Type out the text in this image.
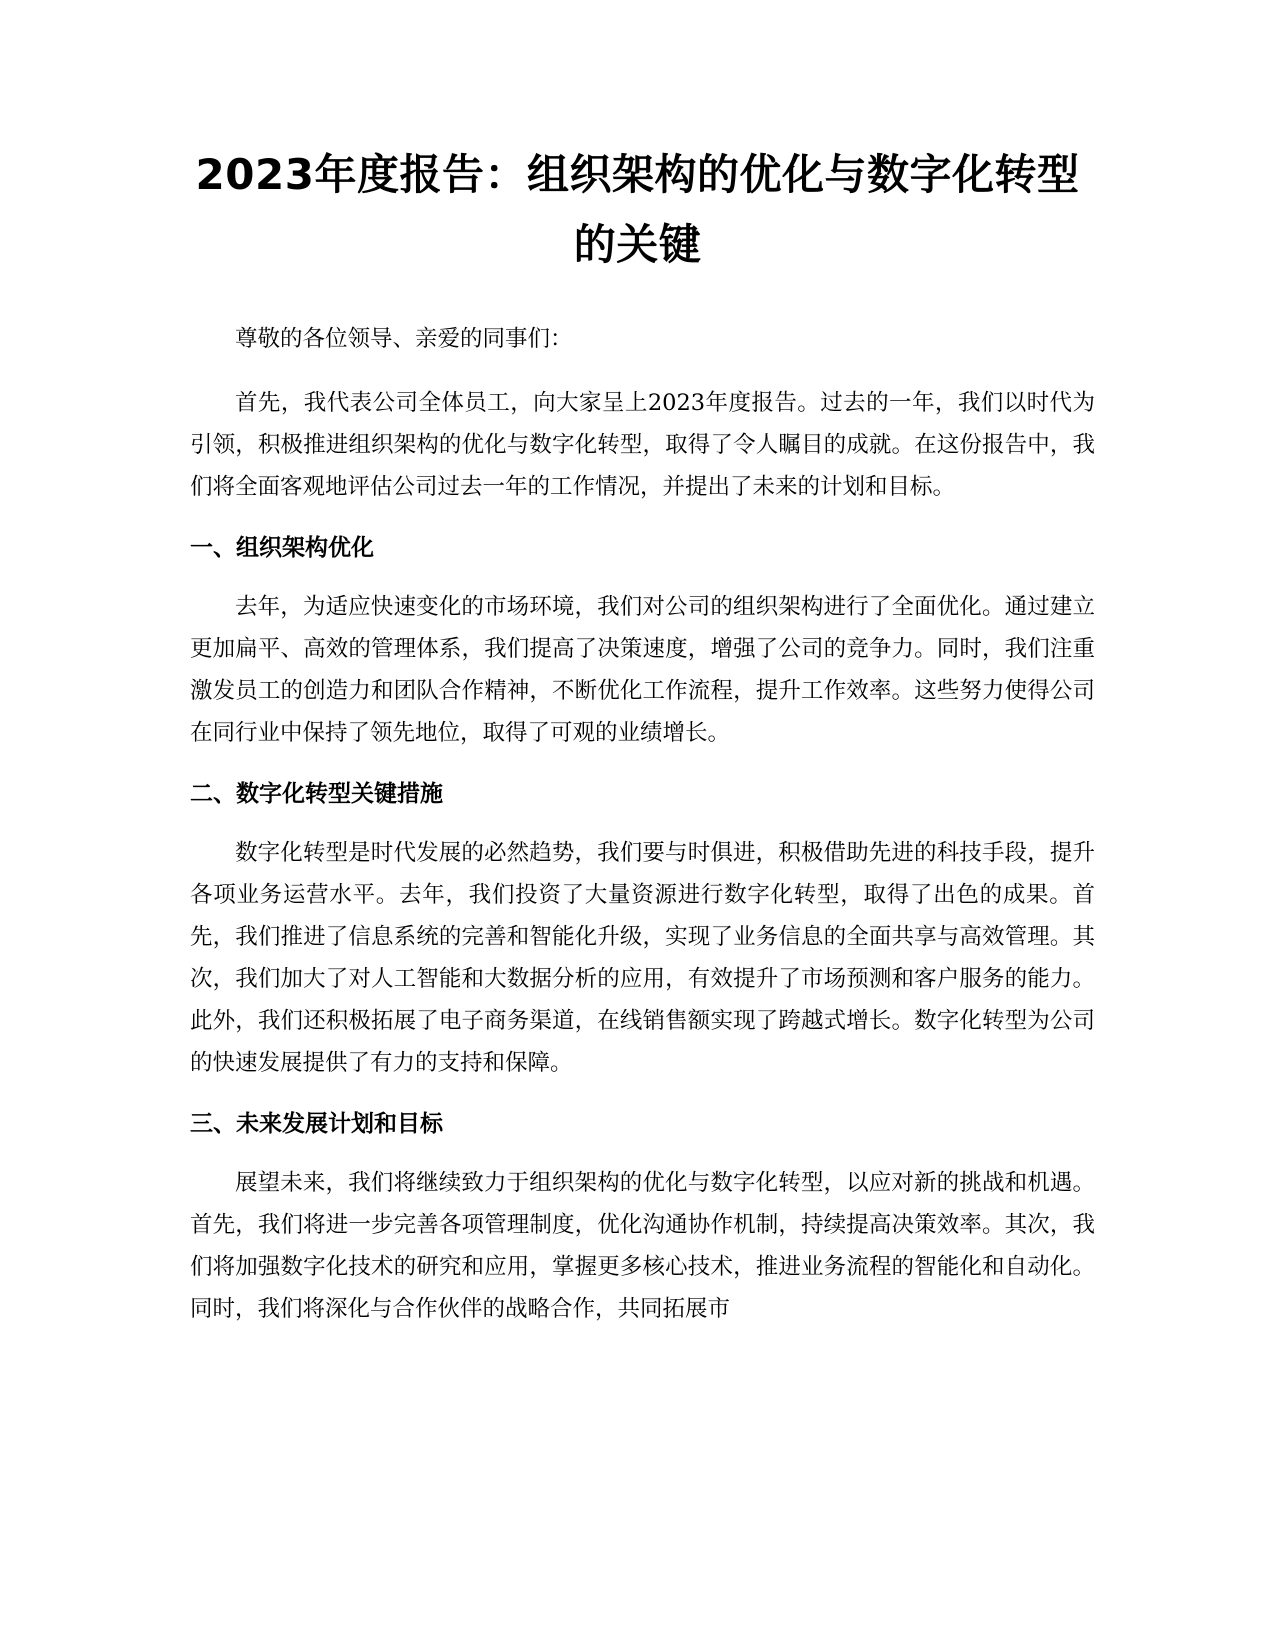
2023年度报告：组织架构的优化与数字化转型的关键

尊敬的各位领导、亲爱的同事们：

首先，我代表公司全体员工，向大家呈上2023年度报告。过去的一年，我们以时代为引领，积极推进组织架构的优化与数字化转型，取得了令人瞩目的成就。在这份报告中，我们将全面客观地评估公司过去一年的工作情况，并提出了未来的计划和目标。

一、组织架构优化

去年，为适应快速变化的市场环境，我们对公司的组织架构进行了全面优化。通过建立更加扁平、高效的管理体系，我们提高了决策速度，增强了公司的竞争力。同时，我们注重激发员工的创造力和团队合作精神，不断优化工作流程，提升工作效率。这些努力使得公司在同行业中保持了领先地位，取得了可观的业绩增长。

二、数字化转型关键措施

数字化转型是时代发展的必然趋势，我们要与时俱进，积极借助先进的科技手段，提升各项业务运营水平。去年，我们投资了大量资源进行数字化转型，取得了出色的成果。首先，我们推进了信息系统的完善和智能化升级，实现了业务信息的全面共享与高效管理。其次，我们加大了对人工智能和大数据分析的应用，有效提升了市场预测和客户服务的能力。此外，我们还积极拓展了电子商务渠道，在线销售额实现了跨越式增长。数字化转型为公司的快速发展提供了有力的支持和保障。

三、未来发展计划和目标

展望未来，我们将继续致力于组织架构的优化与数字化转型，以应对新的挑战和机遇。首先，我们将进一步完善各项管理制度，优化沟通协作机制，持续提高决策效率。其次，我们将加强数字化技术的研究和应用，掌握更多核心技术，推进业务流程的智能化和自动化。同时，我们将深化与合作伙伴的战略合作，共同拓展市
